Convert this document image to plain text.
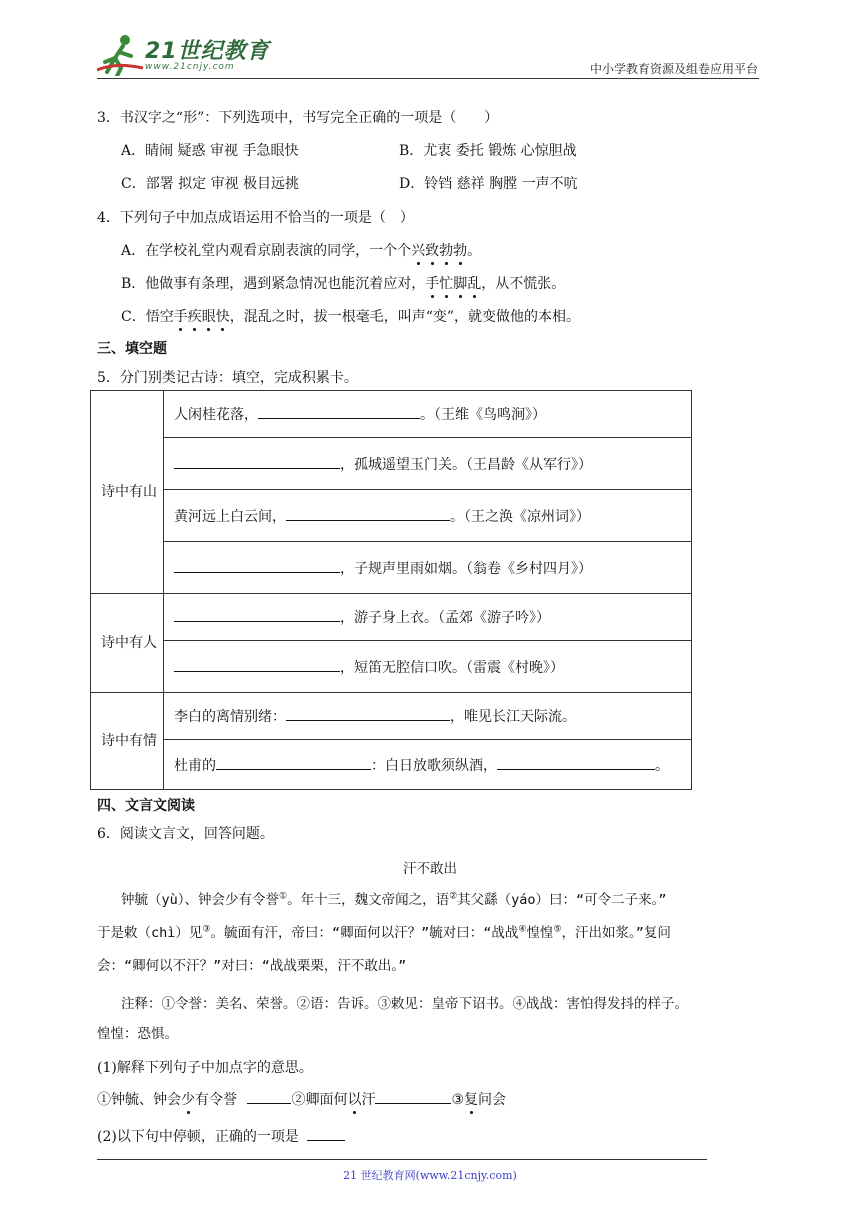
21世纪教育
www.21cnjy.com	中小学教育资源及组卷应用平台
3．书汉字之“形”：下列选项中，书写完全正确的一项是（　　）
A．睛闹 疑惑 审视 手急眼快	B．尤衷 委托 锻炼 心惊胆战
C．部署 拟定 审视 极目远挑	D．铃铛 慈祥 胸膛 一声不吭
4．下列句子中加点成语运用不恰当的一项是（　）
A．在学校礼堂内观看京剧表演的同学，一个个兴致勃勃。
B．他做事有条理，遇到紧急情况也能沉着应对，手忙脚乱，从不慌张。
C．悟空手疾眼快，混乱之时，拔一根毫毛，叫声“变”，就变做他的本相。
三、填空题
5．分门别类记古诗：填空，完成积累卡。
诗中有山	人闲桂花落， 。（王维《鸟鸣涧》）
	，孤城遥望玉门关。（王昌龄《从军行》）
	黄河远上白云间， 。（王之涣《凉州词》）
	，子规声里雨如烟。（翁卷《乡村四月》）
诗中有人	，游子身上衣。（孟郊《游子吟》）
	，短笛无腔信口吹。（雷震《村晚》）
诗中有情	李白的离情别绪： ，唯见长江天际流。
	杜甫的 ：白日放歌须纵酒， 。
四、文言文阅读
6．阅读文言文，回答问题。
汗不敢出
钟毓（yù）、钟会少有令誉①。年十三，魏文帝闻之，语②其父繇（yáo）曰：“可令二子来。”
于是敕（chì）见③。毓面有汗，帝曰：“卿面何以汗？”毓对曰：“战战④惶惶⑤，汗出如浆。”复问
会：“卿何以不汗？”对曰：“战战栗栗，汗不敢出。”
注释：①令誉：美名、荣誉。②语：告诉。③敕见：皇帝下诏书。④战战：害怕得发抖的样子。
惶惶：恐惧。
(1)解释下列句子中加点字的意思。
①钟毓、钟会少有令誉	②卿面何以汗	③复问会
(2)以下句中停顿，正确的一项是
21 世纪教育网(www.21cnjy.com)
